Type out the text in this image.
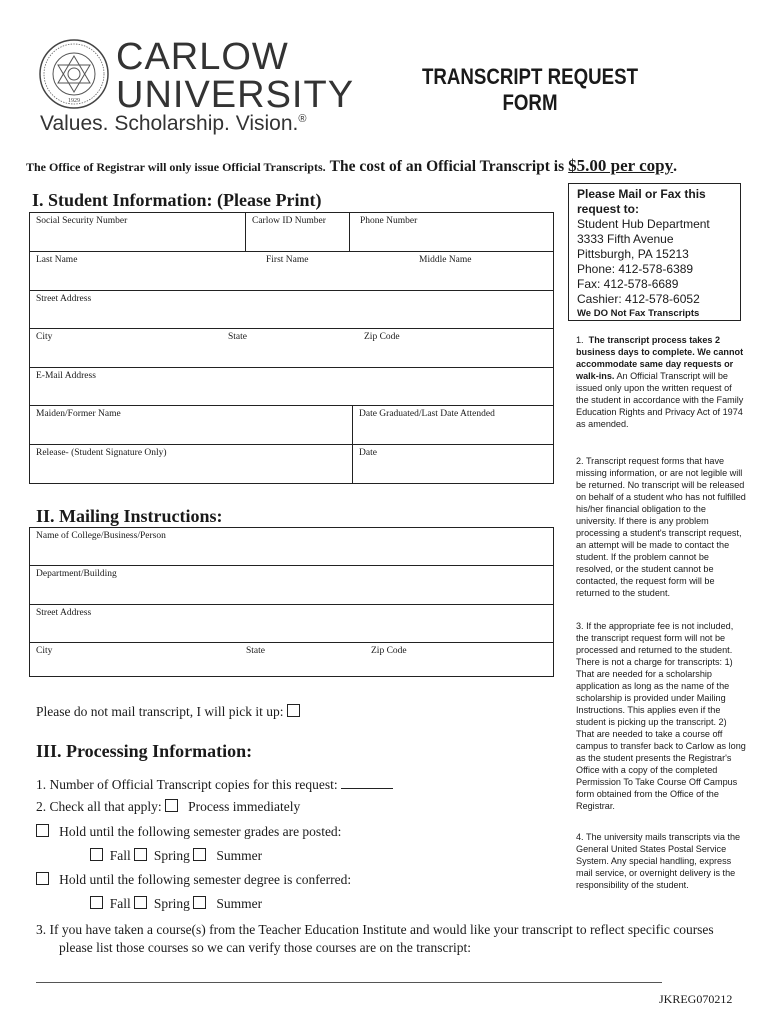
1929
CARLOW
UNIVERSITY
Values. Scholarship. Vision.®
TRANSCRIPT REQUEST
FORM
The Office of Registrar will only issue Official Transcripts. The cost of an Official Transcript is $5.00 per copy.
I. Student Information: (Please Print)
Social Security Number	Carlow ID Number	Phone Number
Last Name	First Name	Middle Name
Street Address
City	State	Zip Code
E-Mail Address
Maiden/Former Name	Date Graduated/Last Date Attended
Release- (Student Signature Only)	Date
II. Mailing Instructions:
Name of College/Business/Person
Department/Building
Street Address
City	State	Zip Code
Please do not mail transcript, I will pick it up:
III. Processing Information:
1. Number of Official Transcript copies for this request:
2. Check all that apply: Process immediately
Hold until the following semester grades are posted:
Fall Spring Summer
Hold until the following semester degree is conferred:
Fall Spring Summer
3. If you have taken a course(s) from the Teacher Education Institute and would like your transcript to reflect specific courses
please list those courses so we can verify those courses are on the transcript:
JKREG070212
Please Mail or Fax this request to:
Student Hub Department
3333 Fifth Avenue
Pittsburgh, PA 15213
Phone: 412-578-6389
Fax: 412-578-6689
Cashier: 412-578-6052
We DO Not Fax Transcripts
1. The transcript process takes 2 business days to complete. We cannot accommodate same day requests or walk-ins. An Official Transcript will be issued only upon the written request of the student in accordance with the Family Education Rights and Privacy Act of 1974 as amended.
2. Transcript request forms that have missing information, or are not legible will be returned. No transcript will be released on behalf of a student who has not fulfilled his/her financial obligation to the university. If there is any problem processing a student's transcript request, an attempt will be made to contact the student. If the problem cannot be resolved, or the student cannot be contacted, the request form will be returned to the student.
3. If the appropriate fee is not included, the transcript request form will not be processed and returned to the student. There is not a charge for transcripts: 1) That are needed for a scholarship application as long as the name of the scholarship is provided under Mailing Instructions. This applies even if the student is picking up the transcript. 2) That are needed to take a course off campus to transfer back to Carlow as long as the student presents the Registrar's Office with a copy of the completed Permission To Take Course Off Campus form obtained from the Office of the Registrar.
4. The university mails transcripts via the General United States Postal Service System. Any special handling, express mail service, or overnight delivery is the responsibility of the student.
